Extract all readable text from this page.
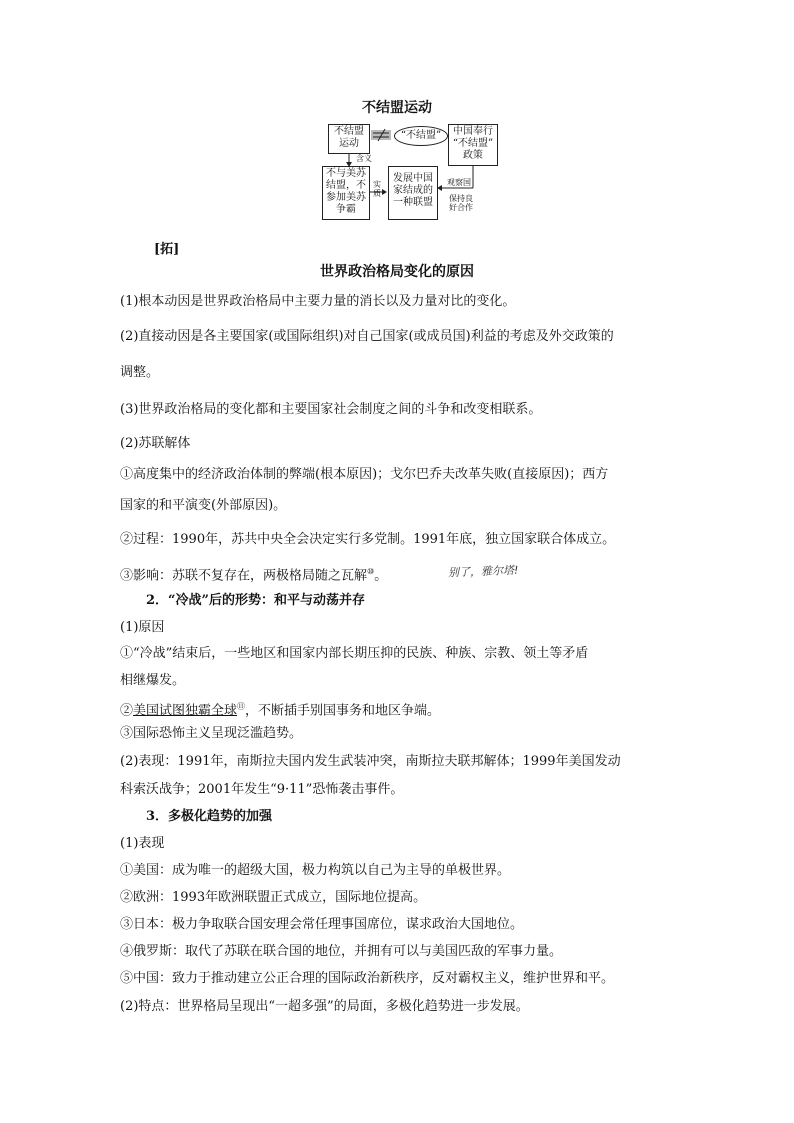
不结盟运动
不结盟
运动
“不结盟”	中国奉行
“不结盟”
政策
含义
不与美苏
结盟，不
参加美苏
争霸
实
质
发展中国
家结成的
一种联盟
观察国
保持良
好合作
[拓]
世界政治格局变化的原因
(1)根本动因是世界政治格局中主要力量的消长以及力量对比的变化。
(2)直接动因是各主要国家(或国际组织)对自己国家(或成员国)利益的考虑及外交政策的
调整。
(3)世界政治格局的变化都和主要国家社会制度之间的斗争和改变相联系。
(2)苏联解体
①高度集中的经济政治体制的弊端(根本原因)；戈尔巴乔夫改革失败(直接原因)；西方
国家的和平演变(外部原因)。
②过程：1990年，苏共中央全会决定实行多党制。1991年底，独立国家联合体成立。
③影响：苏联不复存在，两极格局随之瓦解⑩。	别了，雅尔塔!
2．“冷战”后的形势：和平与动荡并存
(1)原因
①“冷战”结束后，一些地区和国家内部长期压抑的民族、种族、宗教、领土等矛盾
相继爆发。
②美国试图独霸全球⑪，不断插手别国事务和地区争端。
③国际恐怖主义呈现泛滥趋势。
(2)表现：1991年，南斯拉夫国内发生武装冲突，南斯拉夫联邦解体；1999年美国发动
科索沃战争；2001年发生“9·11”恐怖袭击事件。
3．多极化趋势的加强
(1)表现
①美国：成为唯一的超级大国，极力构筑以自己为主导的单极世界。
②欧洲：1993年欧洲联盟正式成立，国际地位提高。
③日本：极力争取联合国安理会常任理事国席位，谋求政治大国地位。
④俄罗斯：取代了苏联在联合国的地位，并拥有可以与美国匹敌的军事力量。
⑤中国：致力于推动建立公正合理的国际政治新秩序，反对霸权主义，维护世界和平。
(2)特点：世界格局呈现出“一超多强”的局面，多极化趋势进一步发展。
